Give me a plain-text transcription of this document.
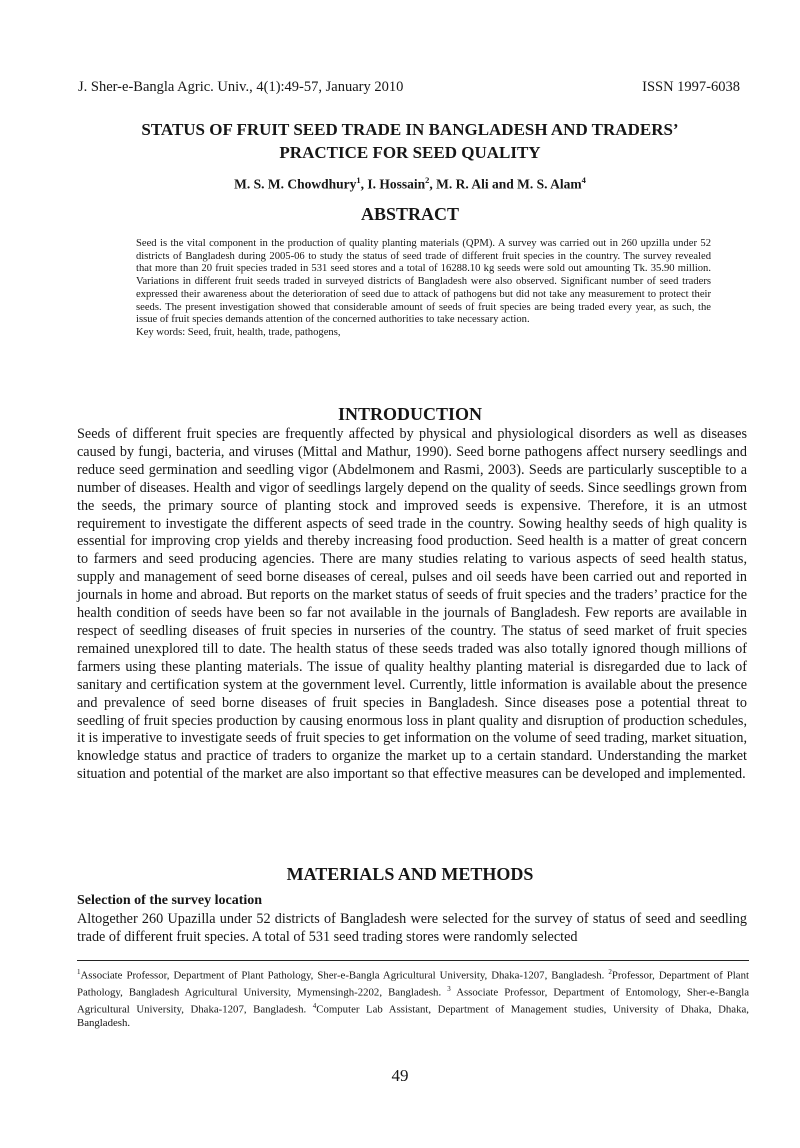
J. Sher-e-Bangla Agric. Univ., 4(1):49-57, January 2010	ISSN 1997-6038
STATUS OF FRUIT SEED TRADE IN BANGLADESH AND TRADERS’
PRACTICE FOR SEED QUALITY
M. S. M. Chowdhury$^1$, I. Hossain$^2$, M. R. Ali and M. S. Alam$^4$
ABSTRACT
Seed is the vital component in the production of quality planting materials (QPM). A survey was carried out in 260 upzilla under 52 districts of Bangladesh during 2005-06 to study the status of seed trade of different fruit species in the country. The survey revealed that more than 20 fruit species traded in 531 seed stores and a total of 16288.10 kg seeds were sold out amounting Tk. 35.90 million. Variations in different fruit seeds traded in surveyed districts of Bangladesh were also observed. Significant number of seed traders expressed their awareness about the deterioration of seed due to attack of pathogens but did not take any measurement to protect their seeds. The present investigation showed that considerable amount of seeds of fruit species are being traded every year, as such, the issue of fruit species demands attention of the concerned authorities to take necessary action.
Key words: Seed, fruit, health, trade, pathogens,
INTRODUCTION

Seeds of different fruit species are frequently affected by physical and physiological disorders as well as diseases caused by fungi, bacteria, and viruses (Mittal and Mathur, 1990). Seed borne pathogens affect nursery seedlings and reduce seed germination and seedling vigor (Abdelmonem and Rasmi, 2003). Seeds are particularly susceptible to a number of diseases. Health and vigor of seedlings largely depend on the quality of seeds. Since seedlings grown from the seeds, the primary source of planting stock and improved seeds is expensive. Therefore, it is an utmost requirement to investigate the different aspects of seed trade in the country. Sowing healthy seeds of high quality is essential for improving crop yields and thereby increasing food production. Seed health is a matter of great concern to farmers and seed producing agencies. There are many studies relating to various aspects of seed health status, supply and management of seed borne diseases of cereal, pulses and oil seeds have been carried out and reported in journals in home and abroad. But reports on the market status of seeds of fruit species and the traders’ practice for the health condition of seeds have been so far not available in the journals of Bangladesh. Few reports are available in respect of seedling diseases of fruit species in nurseries of the country. The status of seed market of fruit species remained unexplored till to date. The health status of these seeds traded was also totally ignored though millions of farmers using these planting materials. The issue of quality healthy planting material is disregarded due to lack of sanitary and certification system at the government level. Currently, little information is available about the presence and prevalence of seed borne diseases of fruit species in Bangladesh. Since diseases pose a potential threat to seedling of fruit species production by causing enormous loss in plant quality and disruption of production schedules, it is imperative to investigate seeds of fruit species to get information on the volume of seed trading, market situation, knowledge status and practice of traders to organize the market up to a certain standard. Understanding the market situation and potential of the market are also important so that effective measures can be developed and implemented.

MATERIALS AND METHODS
Selection of the survey location

Altogether 260 Upazilla under 52 districts of Bangladesh were selected for the survey of status of seed and seedling trade of different fruit species. A total of 531 seed trading stores were randomly selected

$^1$Associate Professor, Department of Plant Pathology, Sher-e-Bangla Agricultural University, Dhaka-1207, Bangladesh. $^2$Professor, Department of Plant Pathology, Bangladesh Agricultural University, Mymensingh-2202, Bangladesh. $^3$ Associate Professor, Department of Entomology, Sher-e-Bangla Agricultural University, Dhaka-1207, Bangladesh. $^4$Computer Lab Assistant, Department of Management studies, University of Dhaka, Dhaka, Bangladesh.
49
